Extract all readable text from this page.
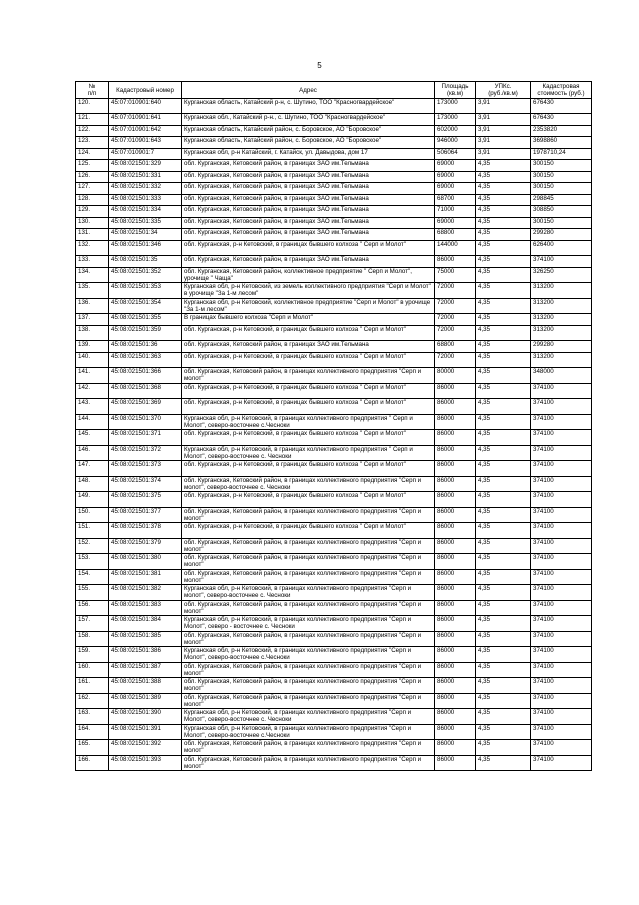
5
№
п/п	Кадастровый номер	Адрес	Площадь
(кв.м)	УПКс.
(руб./кв.м)	Кадастровая
стоимость (руб.)
120.	45:07:010901:640	Курганская область, Катайский р-н, с. Шутино, ТОО "Красногвардейское"	173000	3,91	676430
121.	45:07:010901:641	Курганская обл., Катайский р-н., с. Шутино, ТОО "Красногвардейское"	173000	3,91	676430
122.	45:07:010901:642	Курганская область, Катайский район, с. Боровское, АО "Боровское"	602000	3,91	2353820
123.	45:07:010901:643	Курганская область, Катайский район, с. Боровское, АО "Боровское"	946000	3,91	3698860
124.	45:07:010901:7	Курганская обл, р-н Катайский, г. Катайск, ул. Давыдова, дом 17	506064	3,91	1978710,24
125.	45:08:021501:329	обл. Курганская, Кетовский район, в границах ЗАО им.Тельмана	69000	4,35	300150
126.	45:08:021501:331	обл. Курганская, Кетовский район, в границах ЗАО им.Тельмана	69000	4,35	300150
127.	45:08:021501:332	обл. Курганская, Кетовский район, в границах ЗАО им.Тельмана	69000	4,35	300150
128.	45:08:021501:333	обл. Курганская, Кетовский район, в границах ЗАО им.Тельмана	68700	4,35	298845
129.	45:08:021501:334	обл. Курганская, Кетовский район, в границах ЗАО им.Тельмана	71000	4,35	308850
130.	45:08:021501:335	обл. Курганская, Кетовский район, в границах ЗАО им.Тельмана	69000	4,35	300150
131.	45:08:021501:34	обл. Курганская, Кетовский район, в границах ЗАО им.Тельмана	68800	4,35	299280
132.	45:08:021501:346	обл. Курганская, р-н Кетовский, в границах бывшего колхоза " Серп и Молот"	144000	4,35	626400
133.	45:08:021501:35	обл. Курганская, Кетовский район, в границах ЗАО им.Тельмана	86000	4,35	374100
134.	45:08:021501:352	обл. Курганская, Кетовский район, коллективное предприятие " Серп и Молот", урочище " Чаща"	75000	4,35	326250
135.	45:08:021501:353	Курганская обл, р-н Кетовский, из земель коллективного предприятия "Серп и Молот" в урочище "За 1-м лесом"	72000	4,35	313200
136.	45:08:021501:354	Курганская обл, р-н Кетовский, коллективное предприятие "Серп и Молот" в урочище "За 1-м лесом"	72000	4,35	313200
137.	45:08:021501:355	В границах бывшего колхоза "Серп и Молот"	72000	4,35	313200
138.	45:08:021501:359	обл. Курганская, р-н Кетовский, в границах бывшего колхоза " Серп и Молот"	72000	4,35	313200
139.	45:08:021501:36	обл. Курганская, Кетовский район, в границах ЗАО им.Тельмана	68800	4,35	299280
140.	45:08:021501:363	обл. Курганская, р-н Кетовский, в границах бывшего колхоза " Серп и Молот"	72000	4,35	313200
141.	45:08:021501:366	обл. Курганская, Кетовский район, в границах коллективного предприятия "Серп и молот"	80000	4,35	348000
142.	45:08:021501:368	обл. Курганская, р-н Кетовский, в границах бывшего колхоза " Серп и Молот"	86000	4,35	374100
143.	45:08:021501:369	обл. Курганская, р-н Кетовский, в границах бывшего колхоза " Серп и Молот"	86000	4,35	374100
144.	45:08:021501:370	Курганская обл, р-н Кетовский, в границах коллективного предприятия " Серп и Молот", северо-восточнее с.Чесноки	86000	4,35	374100
145.	45:08:021501:371	обл. Курганская, р-н Кетовский, в границах бывшего колхоза " Серп и Молот"	86000	4,35	374100
146.	45:08:021501:372	Курганская обл, р-н Кетовский, в границах коллективного предприятия " Серп и Молот", северо-восточнее с. Чесноки	86000	4,35	374100
147.	45:08:021501:373	обл. Курганская, р-н Кетовский, в границах бывшего колхоза " Серп и Молот"	86000	4,35	374100
148.	45:08:021501:374	обл. Курганская, Кетовский район, в границах коллективного предприятия "Серп и молот", северо-восточнее с. Чесноки	86000	4,35	374100
149.	45:08:021501:375	обл. Курганская, р-н Кетовский, в границах бывшего колхоза " Серп и Молот"	86000	4,35	374100
150.	45:08:021501:377	обл. Курганская, Кетовский район, в границах коллективного предприятия "Серп и молот"	86000	4,35	374100
151.	45:08:021501:378	обл. Курганская, р-н Кетовский, в границах бывшего колхоза " Серп и Молот"	86000	4,35	374100
152.	45:08:021501:379	обл. Курганская, Кетовский район, в границах коллективного предприятия "Серп и молот"	86000	4,35	374100
153.	45:08:021501:380	обл. Курганская, Кетовский район, в границах коллективного предприятия "Серп и молот"	86000	4,35	374100
154.	45:08:021501:381	обл. Курганская, Кетовский район, в границах коллективного предприятия "Серп и молот"	86000	4,35	374100
155.	45:08:021501:382	Курганская обл, р-н Кетовский, в границах коллективного предприятия "Серп и молот", северо-восточнее с. Чесноки	86000	4,35	374100
156.	45:08:021501:383	обл. Курганская, Кетовский район, в границах коллективного предприятия "Серп и молот"	86000	4,35	374100
157.	45:08:021501:384	Курганская обл, р-н Кетовский, в границах коллективного предприятия "Серп и Молот", северо - восточнее с. Чесноки	86000	4,35	374100
158.	45:08:021501:385	обл. Курганская, Кетовский район, в границах коллективного предприятия "Серп и молот"	86000	4,35	374100
159.	45:08:021501:386	Курганская обл, р-н Кетовский, в границах коллективного предприятия "Серп и Молот", северо-восточнее с.Чесноки	86000	4,35	374100
160.	45:08:021501:387	обл. Курганская, Кетовский район, в границах коллективного предприятия "Серп и молот"	86000	4,35	374100
161.	45:08:021501:388	обл. Курганская, Кетовский район, в границах коллективного предприятия "Серп и молот"	86000	4,35	374100
162.	45:08:021501:389	обл. Курганская, Кетовский район, в границах коллективного предприятия "Серп и молот"	86000	4,35	374100
163.	45:08:021501:390	Курганская обл, р-н Кетовский, в границах коллективного предприятия "Серп и Молот", северо-восточнее с. Чесноки	86000	4,35	374100
164.	45:08:021501:391	Курганская обл, р-н Кетовский, в границах коллективного предприятия "Серп и Молот", северо-восточнее с.Чесноки	86000	4,35	374100
165.	45:08:021501:392	обл. Курганская, Кетовский район, в границах коллективного предприятия "Серп и молот"	86000	4,35	374100
166.	45:08:021501:393	обл. Курганская, Кетовский район, в границах коллективного предприятия "Серп и молот"	86000	4,35	374100
